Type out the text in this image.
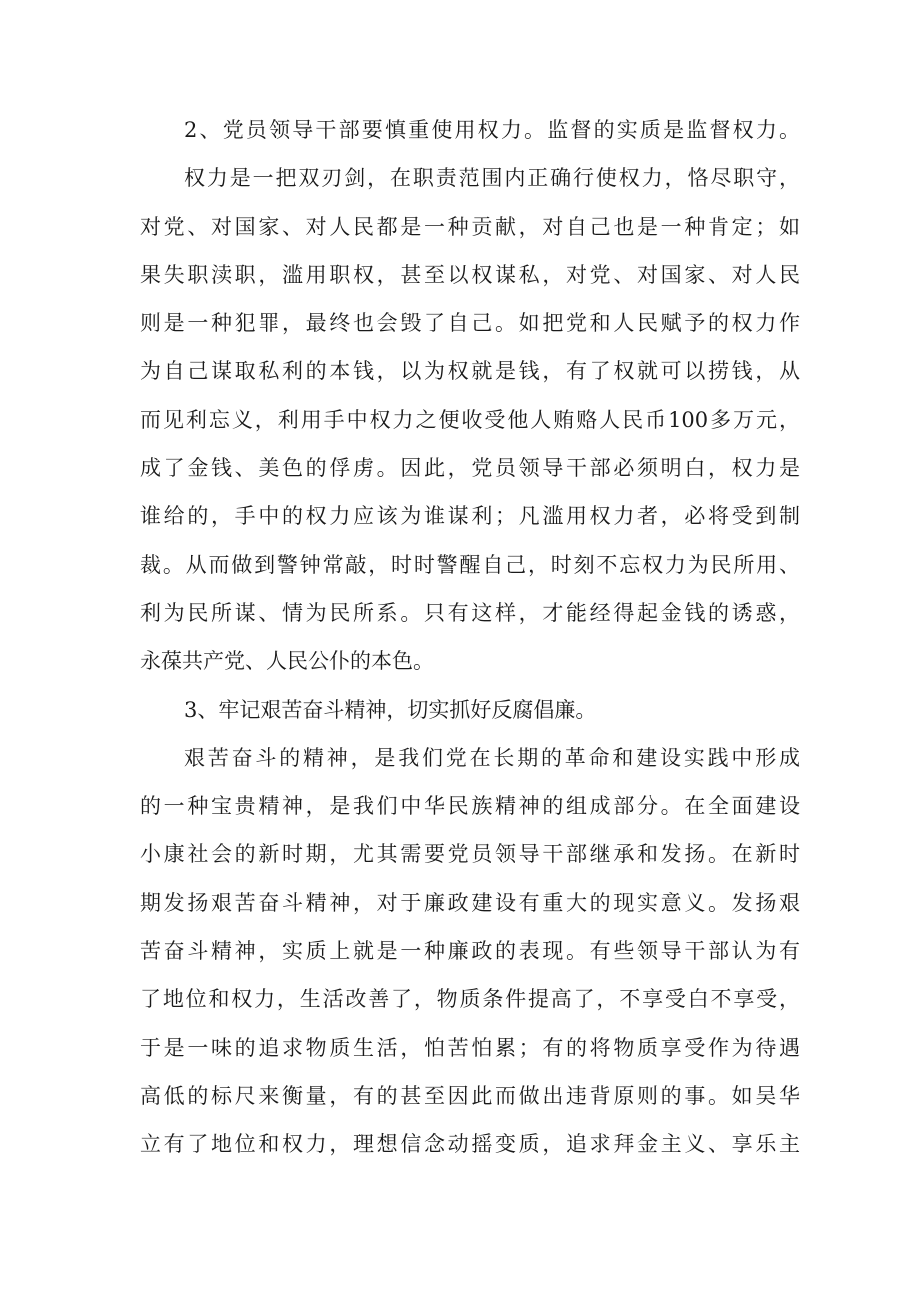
2、党员领导干部要慎重使用权力。监督的实质是监督权力。
权力是一把双刃剑，在职责范围内正确行使权力，恪尽职守，
对党、对国家、对人民都是一种贡献，对自己也是一种肯定；如
果失职渎职，滥用职权，甚至以权谋私，对党、对国家、对人民
则是一种犯罪，最终也会毁了自己。如把党和人民赋予的权力作
为自己谋取私利的本钱，以为权就是钱，有了权就可以捞钱，从
而见利忘义，利用手中权力之便收受他人贿赂人民币100多万元，
成了金钱、美色的俘虏。因此，党员领导干部必须明白，权力是
谁给的，手中的权力应该为谁谋利；凡滥用权力者，必将受到制
裁。从而做到警钟常敲，时时警醒自己，时刻不忘权力为民所用、
利为民所谋、情为民所系。只有这样，才能经得起金钱的诱惑，
永葆共产党、人民公仆的本色。
3、牢记艰苦奋斗精神，切实抓好反腐倡廉。
艰苦奋斗的精神，是我们党在长期的革命和建设实践中形成
的一种宝贵精神，是我们中华民族精神的组成部分。在全面建设
小康社会的新时期，尤其需要党员领导干部继承和发扬。在新时
期发扬艰苦奋斗精神，对于廉政建设有重大的现实意义。发扬艰
苦奋斗精神，实质上就是一种廉政的表现。有些领导干部认为有
了地位和权力，生活改善了，物质条件提高了，不享受白不享受，
于是一味的追求物质生活，怕苦怕累；有的将物质享受作为待遇
高低的标尺来衡量，有的甚至因此而做出违背原则的事。如吴华
立有了地位和权力，理想信念动摇变质，追求拜金主义、享乐主
